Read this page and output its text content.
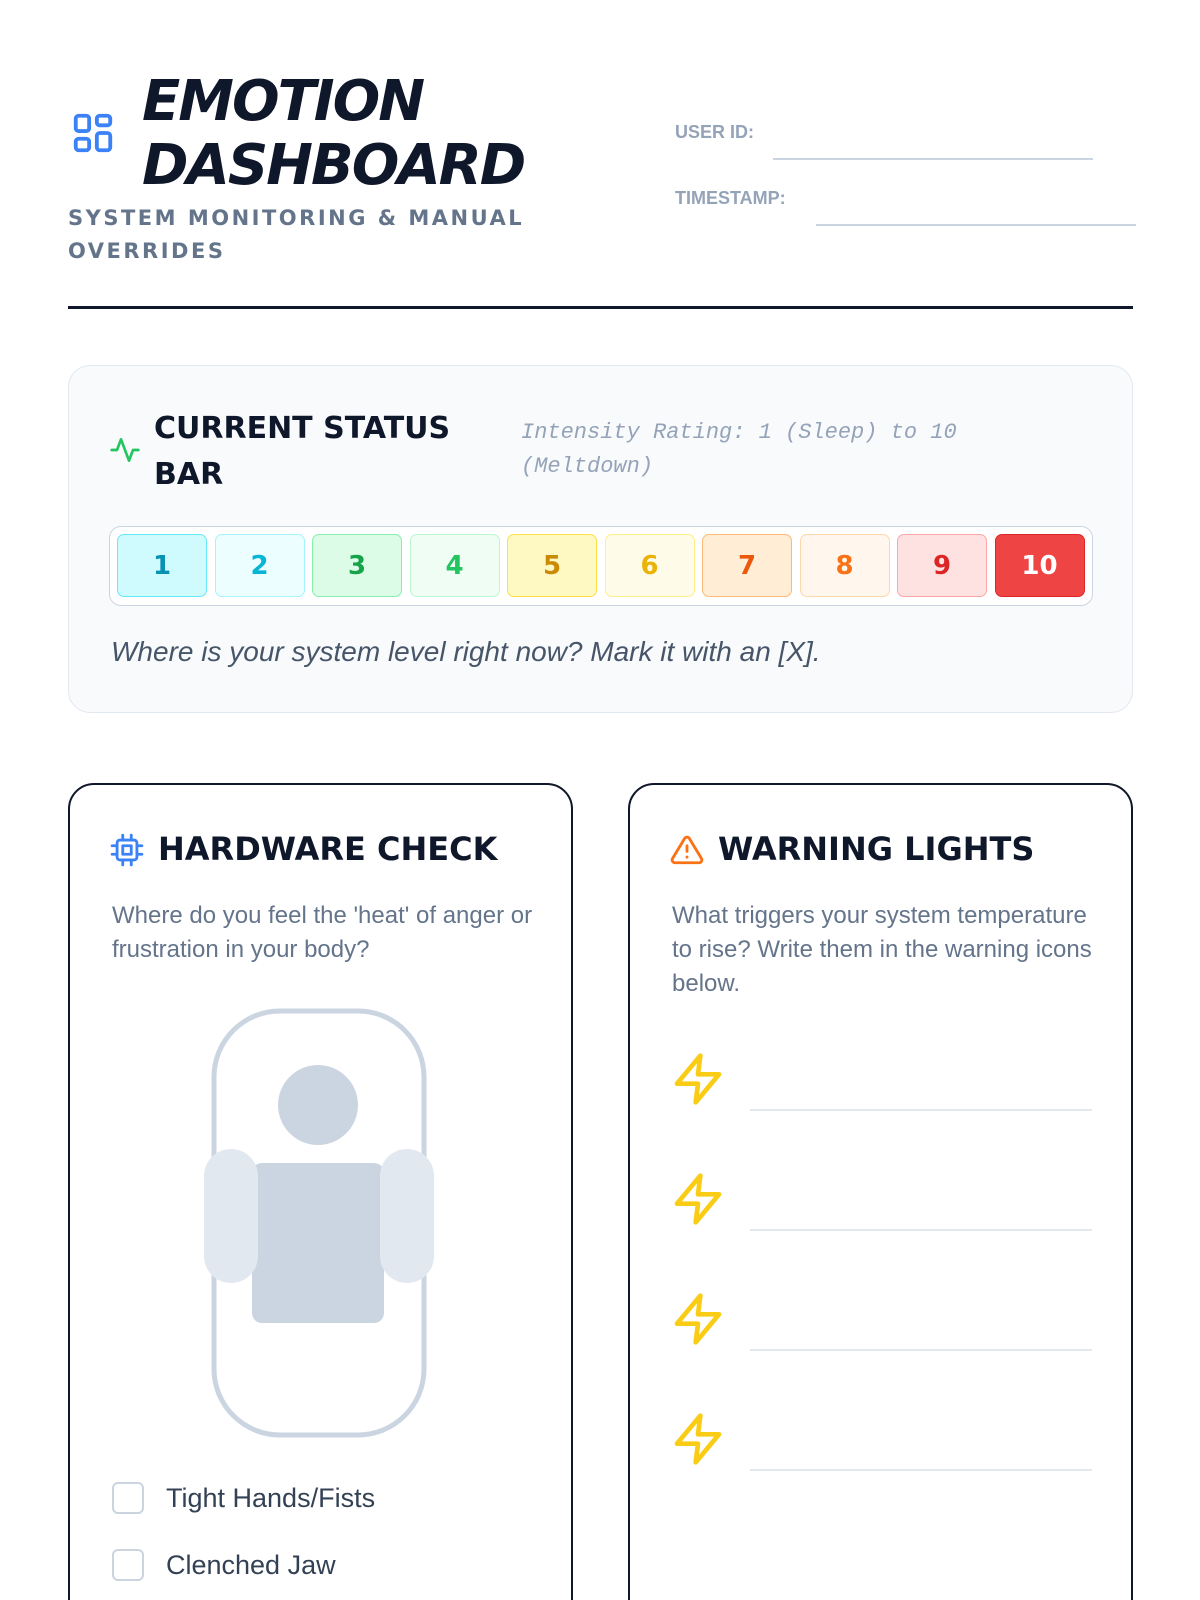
EMOTION
DASHBOARD
SYSTEM MONITORING & MANUAL OVERRIDES
USER ID:
TIMESTAMP:
CURRENT STATUS BAR
Intensity Rating: 1 (Sleep) to 10 (Meltdown)
1	2	3	4	5	6	7	8	9	10
Where is your system level right now? Mark it with an [X].
HARDWARE CHECK
Where do you feel the 'heat' of anger or frustration in your body?
Tight Hands/Fists
Clenched Jaw
WARNING LIGHTS
What triggers your system temperature to rise? Write them in the warning icons below.
